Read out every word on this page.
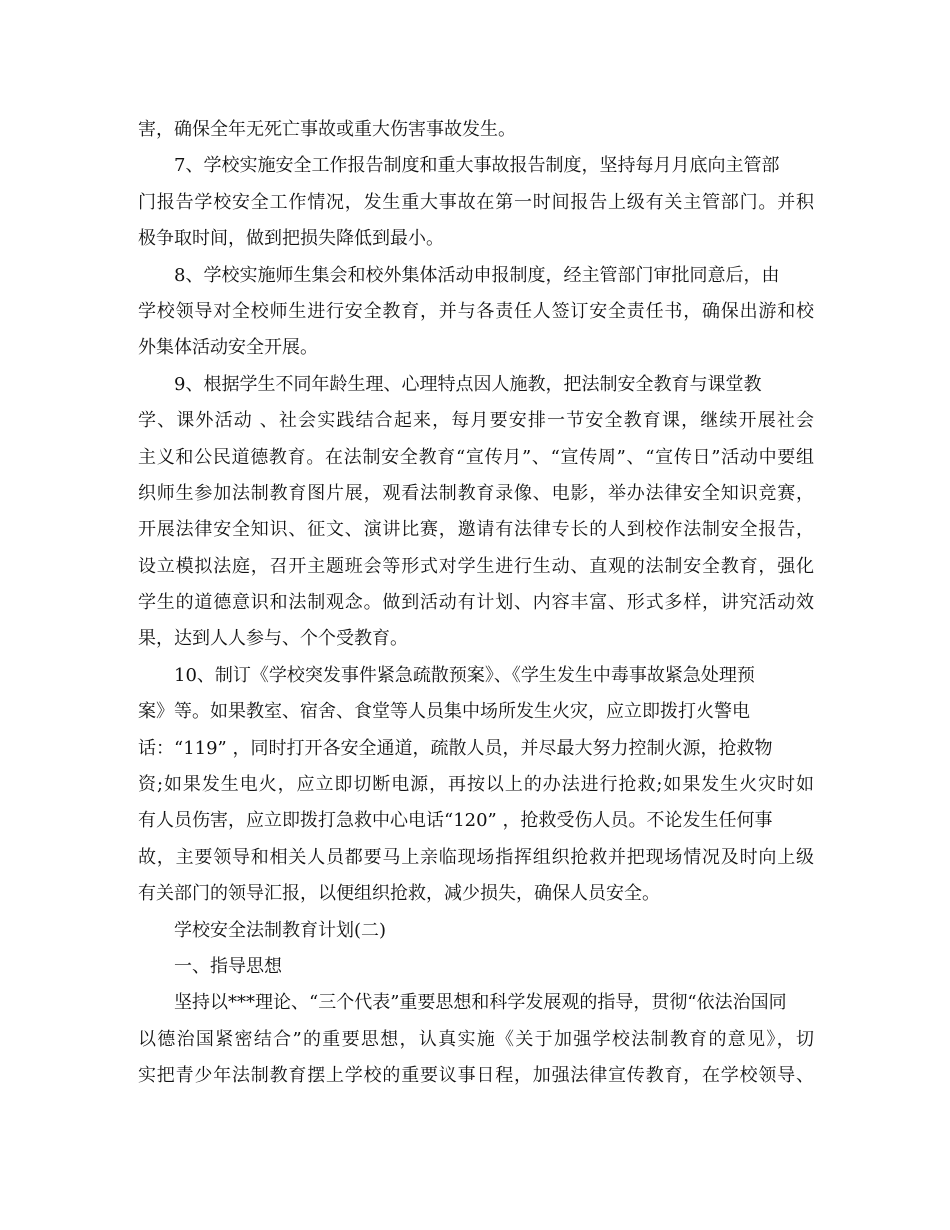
害，确保全年无死亡事故或重大伤害事故发生。
7、学校实施安全工作报告制度和重大事故报告制度，坚持每月月底向主管部
门报告学校安全工作情况，发生重大事故在第一时间报告上级有关主管部门。并积
极争取时间，做到把损失降低到最小。
8、学校实施师生集会和校外集体活动申报制度，经主管部门审批同意后，由
学校领导对全校师生进行安全教育，并与各责任人签订安全责任书，确保出游和校
外集体活动安全开展。
9、根据学生不同年龄生理、心理特点因人施教，把法制安全教育与课堂教
学、课外活动 、社会实践结合起来，每月要安排一节安全教育课，继续开展社会
主义和公民道德教育。在法制安全教育“宣传月”、“宣传周”、“宣传日”活动中要组
织师生参加法制教育图片展，观看法制教育录像、电影，举办法律安全知识竞赛，
开展法律安全知识、征文、演讲比赛，邀请有法律专长的人到校作法制安全报告，
设立模拟法庭，召开主题班会等形式对学生进行生动、直观的法制安全教育，强化
学生的道德意识和法制观念。做到活动有计划、内容丰富、形式多样，讲究活动效
果，达到人人参与、个个受教育。
10、制订《学校突发事件紧急疏散预案》、《学生发生中毒事故紧急处理预
案》等。如果教室、宿舍、食堂等人员集中场所发生火灾，应立即拨打火警电
话：“119” ，同时打开各安全通道，疏散人员，并尽最大努力控制火源，抢救物
资;如果发生电火，应立即切断电源，再按以上的办法进行抢救;如果发生火灾时如
有人员伤害，应立即拨打急救中心电话“120” ，抢救受伤人员。不论发生任何事
故，主要领导和相关人员都要马上亲临现场指挥组织抢救并把现场情况及时向上级
有关部门的领导汇报，以便组织抢救，减少损失，确保人员安全。
学校安全法制教育计划(二)
一、指导思想
坚持以***理论、“三个代表”重要思想和科学发展观的指导，贯彻“依法治国同
以德治国紧密结合”的重要思想，认真实施《关于加强学校法制教育的意见》，切
实把青少年法制教育摆上学校的重要议事日程，加强法律宣传教育，在学校领导、
